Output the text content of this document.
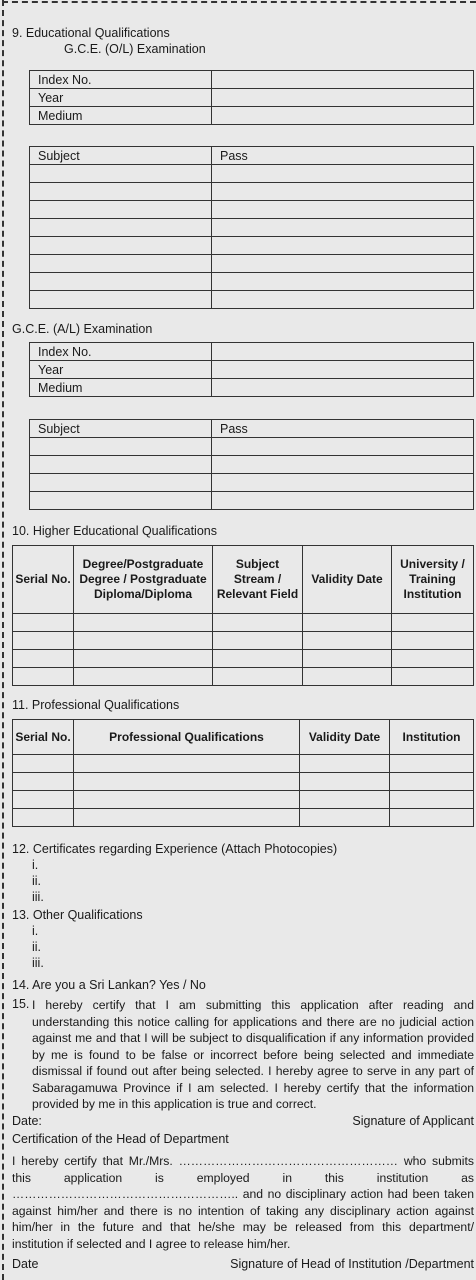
9. Educational Qualifications
G.C.E. (O/L) Examination
Index No.	
Year	
Medium	
Subject	Pass

G.C.E. (A/L) Examination
Index No.	
Year	
Medium	
Subject	Pass

10. Higher Educational Qualifications
Serial No.	Degree/Postgraduate Degree / Postgraduate Diploma/Diploma	Subject Stream / Relevant Field	Validity Date	University / Training Institution

11. Professional Qualifications
Serial No.	Professional Qualifications	Validity Date	Institution

12. Certificates regarding Experience (Attach Photocopies)
i.
ii.
iii.
13. Other Qualifications
i.
ii.
iii.
14. Are you a Sri Lankan? Yes / No
15. I hereby certify that I am submitting this application after reading and understanding this notice calling for applications and there are no judicial action against me and that I will be subject to disqualification if any information provided by me is found to be false or incorrect before being selected and immediate dismissal if found out after being selected. I hereby agree to serve in any part of Sabaragamuwa Province if I am selected. I hereby certify that the information provided by me in this application is true and correct.
Date:	Signature of Applicant
Certification of the Head of Department
I hereby certify that Mr./Mrs. ……………………………………………… who submits this application is employed in this institution as ……………………………………………….. and no disciplinary action had been taken against him/her and there is no intention of taking any disciplinary action against him/her in the future and that he/she may be released from this department/ institution if selected and I agree to release him/her.
Date	Signature of Head of Institution /Department
